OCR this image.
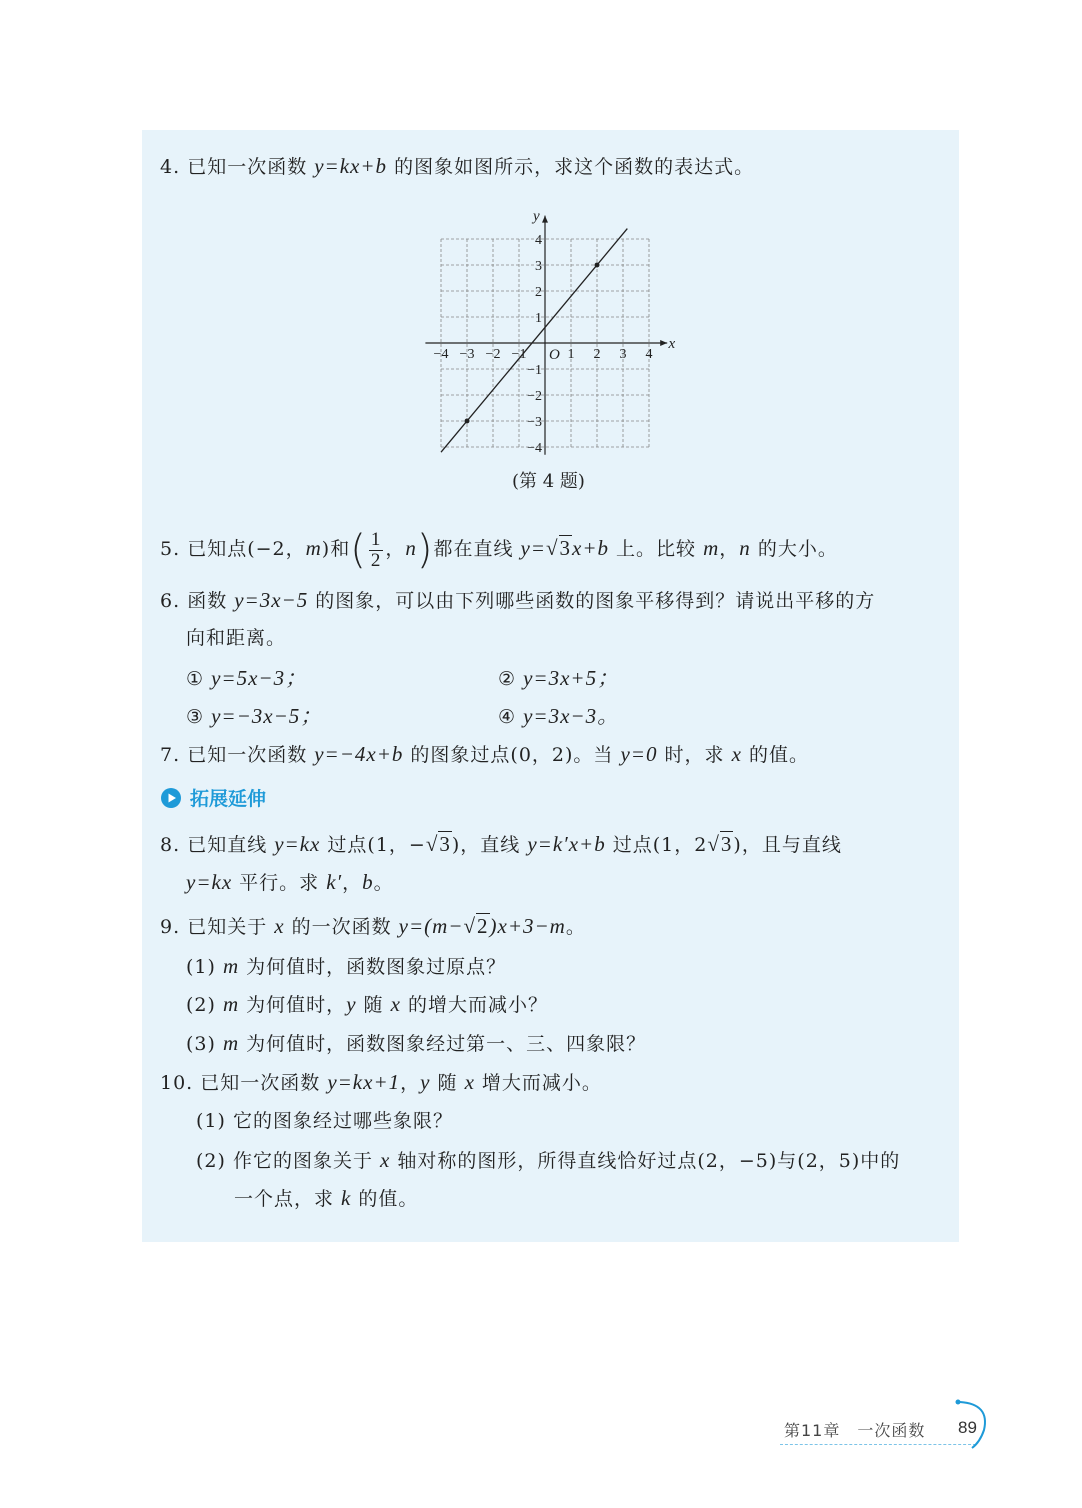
4. 已知一次函数 y=kx+b 的图象如图所示，求这个函数的表达式。
x
y
O
−4 −3 −2 −1	1 2 3 4
4
3
2
1
−1
−2
−3
−4
(第 4 题)
5. 已知点(−2，m)和( $\frac{1}{2}$ ，n)都在直线 y=√3x+b 上。比较 m，n 的大小。
6. 函数 y=3x−5 的图象，可以由下列哪些函数的图象平移得到？请说出平移的方
向和距离。
① y=5x−3；	② y=3x+5；
③ y=−3x−5；	④ y=3x−3。
7. 已知一次函数 y=−4x+b 的图象过点(0，2)。当 y=0 时，求 x 的值。
拓展延伸
8. 已知直线 y=kx 过点(1，−√3)，直线 y=k′x+b 过点(1，2√3)，且与直线
y=kx 平行。求 k′，b。
9. 已知关于 x 的一次函数 y=(m−√2)x+3−m。
(1) m 为何值时，函数图象过原点？
(2) m 为何值时，y 随 x 的增大而减小？
(3) m 为何值时，函数图象经过第一、三、四象限？
10. 已知一次函数 y=kx+1，y 随 x 增大而减小。
(1) 它的图象经过哪些象限？
(2) 作它的图象关于 x 轴对称的图形，所得直线恰好过点(2，−5)与(2，5)中的
一个点，求 k 的值。
第11章　一次函数 89
